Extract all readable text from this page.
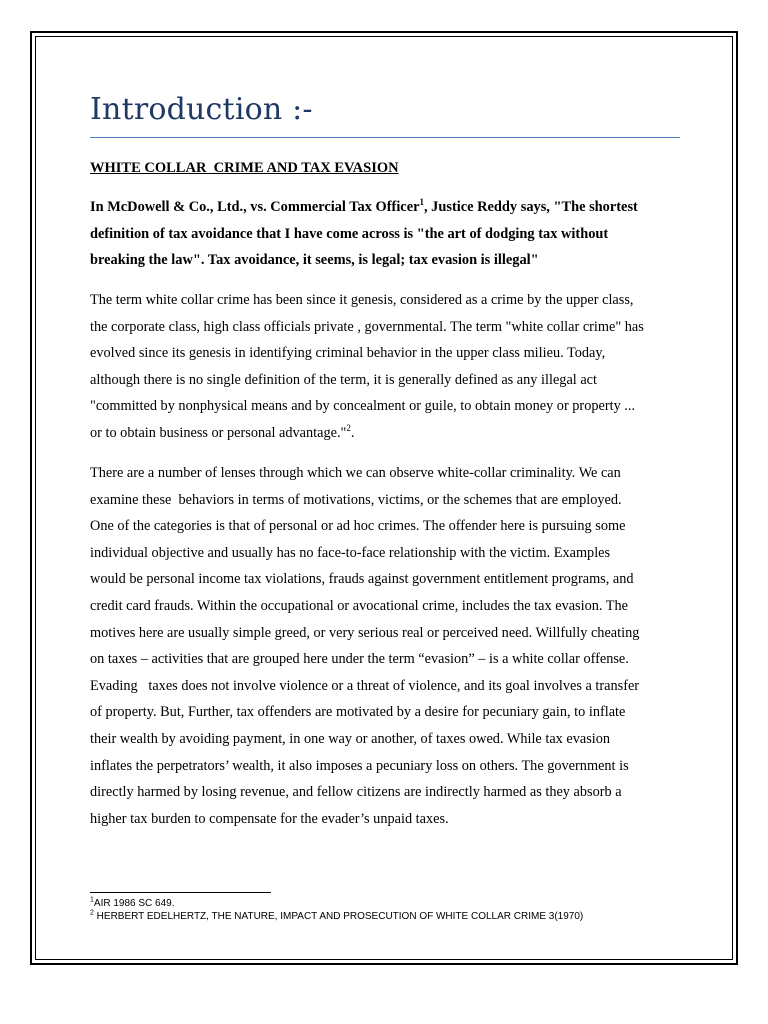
Introduction :-
WHITE COLLAR  CRIME AND TAX EVASION
In McDowell & Co., Ltd., vs. Commercial Tax Officer$^1$, Justice Reddy says, "The shortest
definition of tax avoidance that I have come across is "the art of dodging tax without
breaking the law". Tax avoidance, it seems, is legal; tax evasion is illegal"
The term white collar crime has been since it genesis, considered as a crime by the upper class,
the corporate class, high class officials private , governmental. The term "white collar crime" has
evolved since its genesis in identifying criminal behavior in the upper class milieu. Today,
although there is no single definition of the term, it is generally defined as any illegal act
"committed by nonphysical means and by concealment or guile, to obtain money or property ...
or to obtain business or personal advantage."$^2$.
There are a number of lenses through which we can observe white-collar criminality. We can
examine these  behaviors in terms of motivations, victims, or the schemes that are employed.
One of the categories is that of personal or ad hoc crimes. The offender here is pursuing some
individual objective and usually has no face-to-face relationship with the victim. Examples
would be personal income tax violations, frauds against government entitlement programs, and
credit card frauds. Within the occupational or avocational crime, includes the tax evasion. The
motives here are usually simple greed, or very serious real or perceived need. Willfully cheating
on taxes – activities that are grouped here under the term “evasion” – is a white collar offense.
Evading   taxes does not involve violence or a threat of violence, and its goal involves a transfer
of property. But, Further, tax offenders are motivated by a desire for pecuniary gain, to inflate
their wealth by avoiding payment, in one way or another, of taxes owed. While tax evasion
inflates the perpetrators’ wealth, it also imposes a pecuniary loss on others. The government is
directly harmed by losing revenue, and fellow citizens are indirectly harmed as they absorb a
higher tax burden to compensate for the evader’s unpaid taxes.
$^1$AIR 1986 SC 649.
$^2$ HERBERT EDELHERTZ, THE NATURE, IMPACT AND PROSECUTION OF WHITE COLLAR CRIME 3(1970)
